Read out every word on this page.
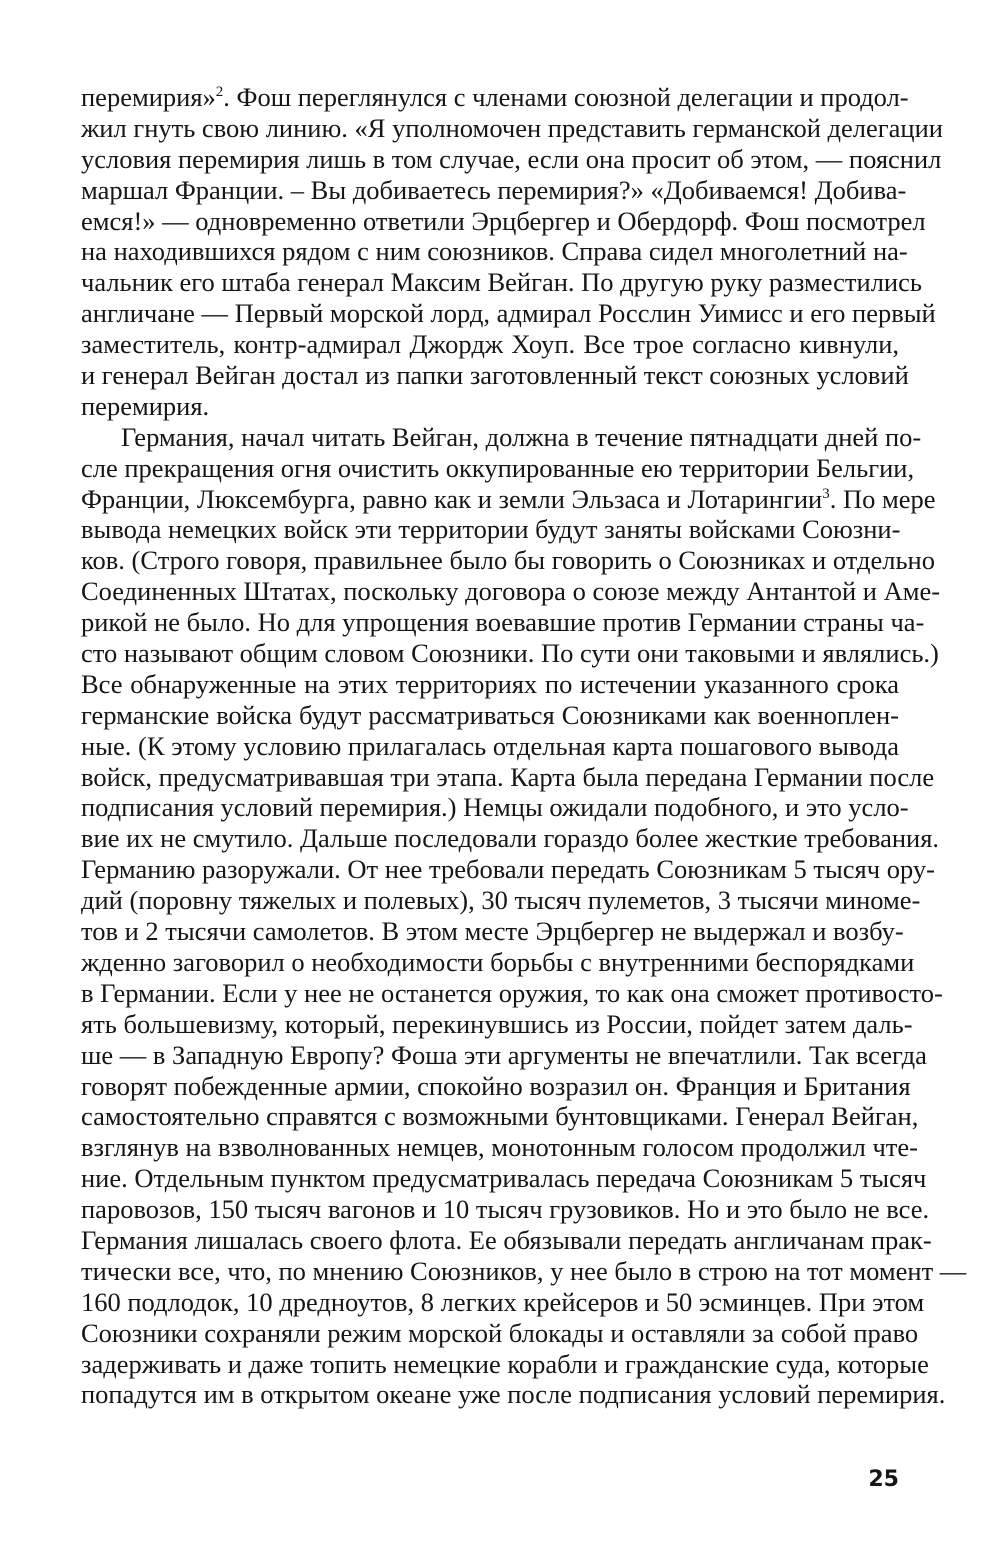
перемирия»$^2$. Фош переглянулся с членами союзной делегации и продол-
жил гнуть свою линию. «Я уполномочен представить германской делегации
условия перемирия лишь в том случае, если она просит об этом, — пояснил
маршал Франции. – Вы добиваетесь перемирия?» «Добиваемся! Добива-
емся!» — одновременно ответили Эрцбергер и Обердорф. Фош посмотрел
на находившихся рядом с ним союзников. Справа сидел многолетний на-
чальник его штаба генерал Максим Вейган. По другую руку разместились
англичане — Первый морской лорд, адмирал Росслин Уимисс и его первый
заместитель, контр-адмирал Джордж Хоуп. Все трое согласно кивнули,
и генерал Вейган достал из папки заготовленный текст союзных условий
перемирия.
Германия, начал читать Вейган, должна в течение пятнадцати дней по-
сле прекращения огня очистить оккупированные ею территории Бельгии,
Франции, Люксембурга, равно как и земли Эльзаса и Лотарингии$^3$. По мере
вывода немецких войск эти территории будут заняты войсками Союзни-
ков. (Строго говоря, правильнее было бы говорить о Союзниках и отдельно
Соединенных Штатах, поскольку договора о союзе между Антантой и Аме-
рикой не было. Но для упрощения воевавшие против Германии страны ча-
сто называют общим словом Союзники. По сути они таковыми и являлись.)
Все обнаруженные на этих территориях по истечении указанного срока
германские войска будут рассматриваться Союзниками как военноплен-
ные. (К этому условию прилагалась отдельная карта пошагового вывода
войск, предусматривавшая три этапа. Карта была передана Германии после
подписания условий перемирия.) Немцы ожидали подобного, и это усло-
вие их не смутило. Дальше последовали гораздо более жесткие требования.
Германию разоружали. От нее требовали передать Союзникам 5 тысяч ору-
дий (поровну тяжелых и полевых), 30 тысяч пулеметов, 3 тысячи миноме-
тов и 2 тысячи самолетов. В этом месте Эрцбергер не выдержал и возбу-
жденно заговорил о необходимости борьбы с внутренними беспорядками
в Германии. Если у нее не останется оружия, то как она сможет противосто-
ять большевизму, который, перекинувшись из России, пойдет затем даль-
ше — в Западную Европу? Фоша эти аргументы не впечатлили. Так всегда
говорят побежденные армии, спокойно возразил он. Франция и Британия
самостоятельно справятся с возможными бунтовщиками. Генерал Вейган,
взглянув на взволнованных немцев, монотонным голосом продолжил чте-
ние. Отдельным пунктом предусматривалась передача Союзникам 5 тысяч
паровозов, 150 тысяч вагонов и 10 тысяч грузовиков. Но и это было не все.
Германия лишалась своего флота. Ее обязывали передать англичанам прак-
тически все, что, по мнению Союзников, у нее было в строю на тот момент —
160 подлодок, 10 дредноутов, 8 легких крейсеров и 50 эсминцев. При этом
Союзники сохраняли режим морской блокады и оставляли за собой право
задерживать и даже топить немецкие корабли и гражданские суда, которые
попадутся им в открытом океане уже после подписания условий перемирия.
25
